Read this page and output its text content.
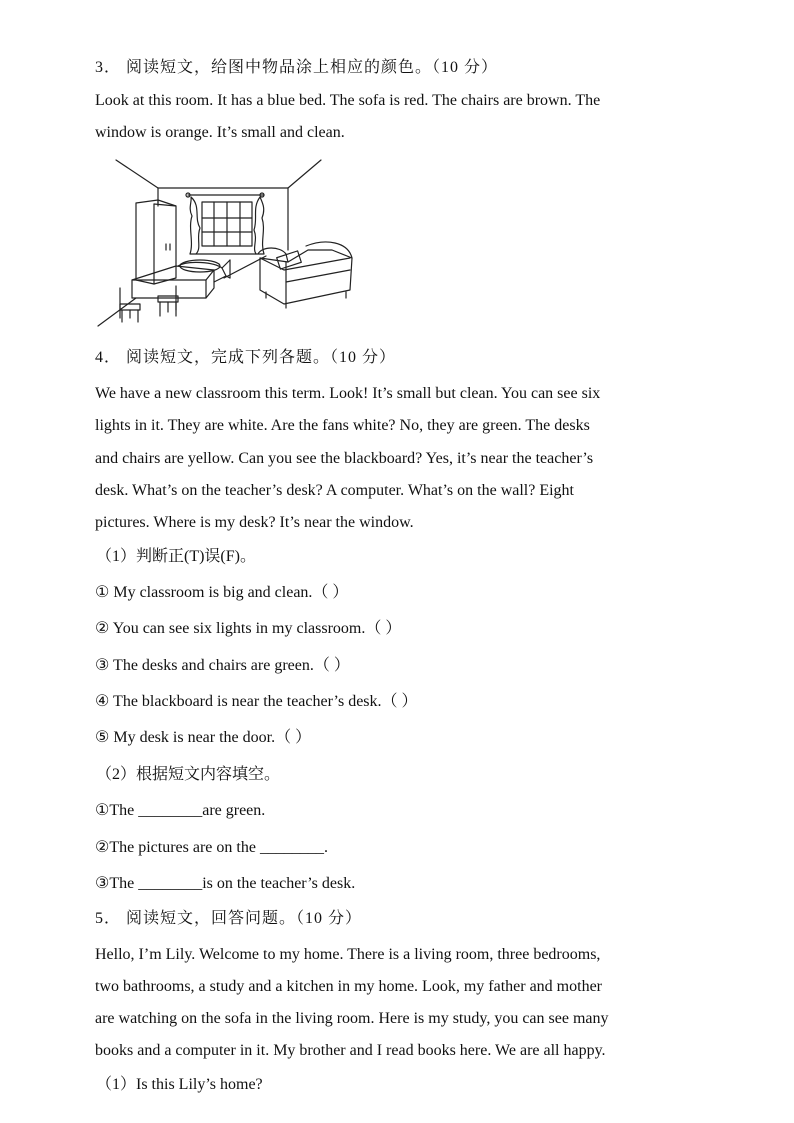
3． 阅读短文，给图中物品涂上相应的颜色。（10 分）
Look at this room. It has a blue bed. The sofa is red. The chairs are brown. The
window is orange. It’s small and clean.
4． 阅读短文，完成下列各题。（10 分）
We have a new classroom this term. Look! It’s small but clean. You can see six
lights in it. They are white. Are the fans white? No, they are green. The desks
and chairs are yellow. Can you see the blackboard? Yes, it’s near the teacher’s
desk. What’s on the teacher’s desk? A computer. What’s on the wall? Eight
pictures. Where is my desk? It’s near the window.
（1）判断正(T)误(F)。
① My classroom is big and clean.（ ）
② You can see six lights in my classroom.（ ）
③ The desks and chairs are green.（ ）
④ The blackboard is near the teacher’s desk.（ ）
⑤ My desk is near the door.（ ）
（2）根据短文内容填空。
①The ________are green.
②The pictures are on the ________.
③The ________is on the teacher’s desk.
5． 阅读短文，回答问题。（10 分）
Hello, I’m Lily. Welcome to my home. There is a living room, three bedrooms,
two bathrooms, a study and a kitchen in my home. Look, my father and mother
are watching on the sofa in the living room. Here is my study, you can see many
books and a computer in it. My brother and I read books here. We are all happy.
（1）Is this Lily’s home?
